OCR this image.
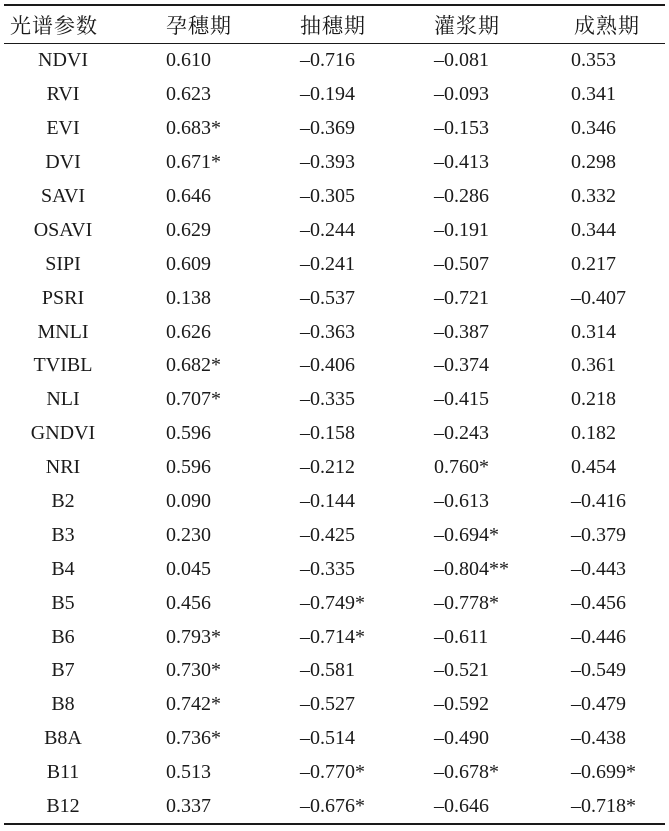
光谱参数	孕穗期	抽穗期	灌浆期	成熟期
NDVI	0.610	–0.716	–0.081	0.353
RVI	0.623	–0.194	–0.093	0.341
EVI	0.683*	–0.369	–0.153	0.346
DVI	0.671*	–0.393	–0.413	0.298
SAVI	0.646	–0.305	–0.286	0.332
OSAVI	0.629	–0.244	–0.191	0.344
SIPI	0.609	–0.241	–0.507	0.217
PSRI	0.138	–0.537	–0.721	–0.407
MNLI	0.626	–0.363	–0.387	0.314
TVIBL	0.682*	–0.406	–0.374	0.361
NLI	0.707*	–0.335	–0.415	0.218
GNDVI	0.596	–0.158	–0.243	0.182
NRI	0.596	–0.212	0.760*	0.454
B2	0.090	–0.144	–0.613	–0.416
B3	0.230	–0.425	–0.694*	–0.379
B4	0.045	–0.335	–0.804**	–0.443
B5	0.456	–0.749*	–0.778*	–0.456
B6	0.793*	–0.714*	–0.611	–0.446
B7	0.730*	–0.581	–0.521	–0.549
B8	0.742*	–0.527	–0.592	–0.479
B8A	0.736*	–0.514	–0.490	–0.438
B11	0.513	–0.770*	–0.678*	–0.699*
B12	0.337	–0.676*	–0.646	–0.718*
